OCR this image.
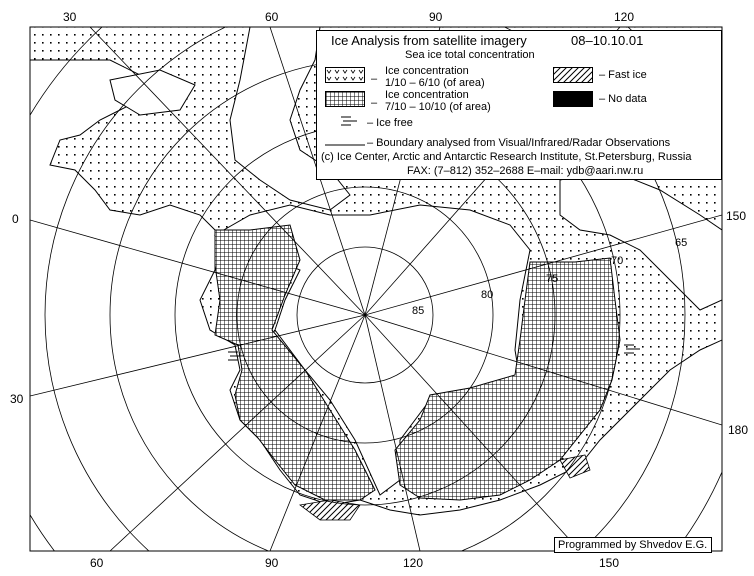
30	60	90	120
60	90	120	150
0
30
150
180
85
80
75
70
65
Ice Analysis from satellite imagery	08–10.10.01
Sea ice total concentration
–
Ice concentration
1/10 – 6/10 (of area)
–
Ice concentration
7/10 – 10/10 (of area)
– Ice free
– Fast ice
– No data
– Boundary analysed from Visual/Infrared/Radar Observations
(c) Ice Center, Arctic and Antarctic Research Institute, St.Petersburg, Russia
FAX: (7–812) 352–2688 E–mail: ydb@aari.nw.ru
Programmed by Shvedov E.G.
